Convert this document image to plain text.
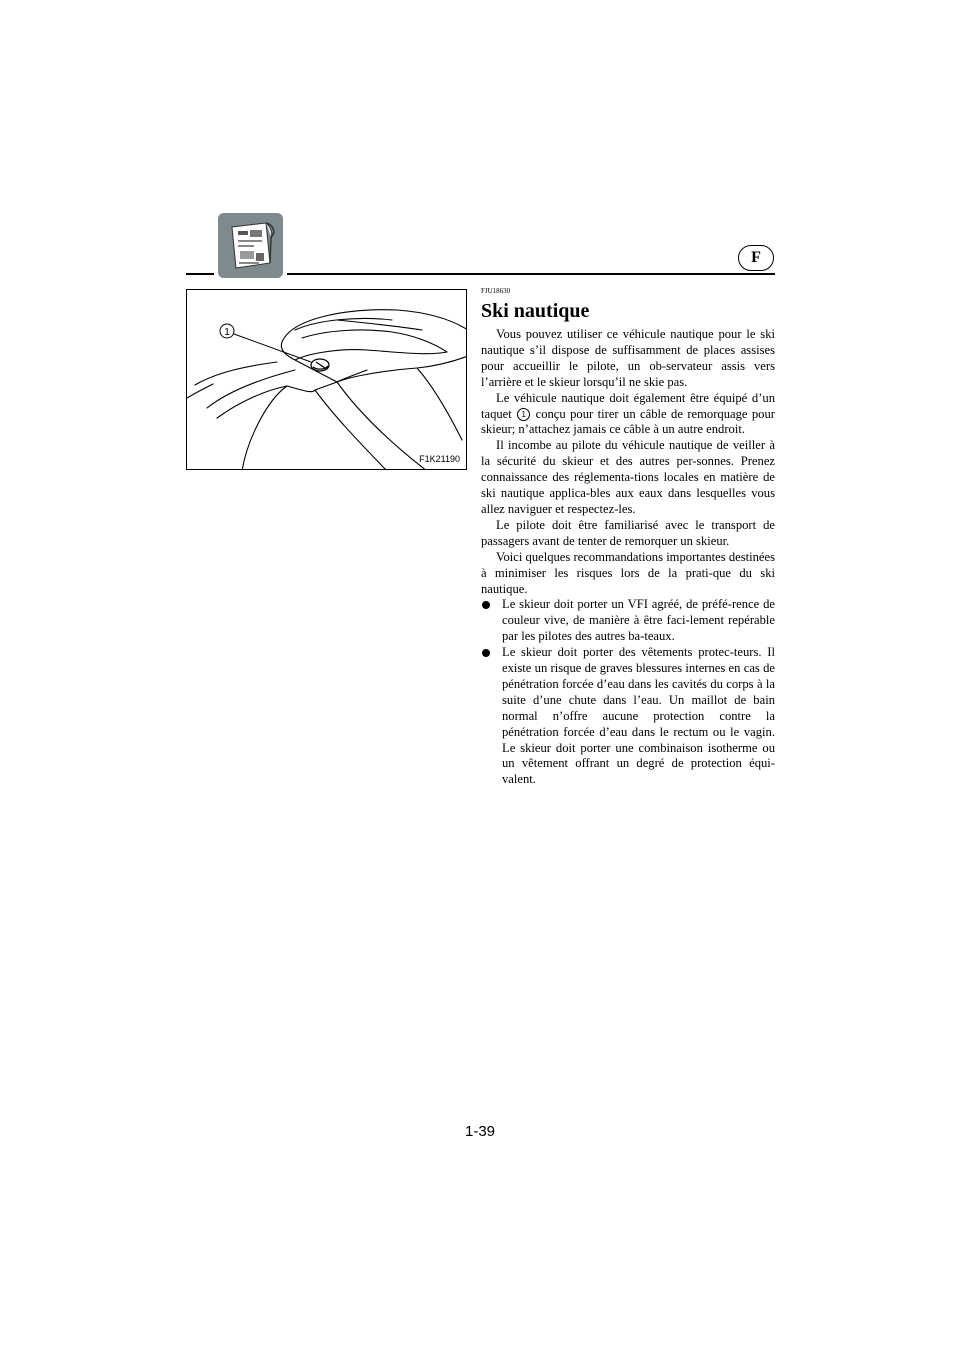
F
1
F1K21190

FJU18630

Ski nautique

Vous pouvez utiliser ce véhicule nautique pour le ski nautique s’il dispose de suffisamment de places assises pour accueillir le pilote, un ob-servateur assis vers l’arrière et le skieur lorsqu’il ne skie pas.

Le véhicule nautique doit également être équipé d’un taquet 1 conçu pour tirer un câble de remorquage pour skieur; n’attachez jamais ce câble à un autre endroit.

Il incombe au pilote du véhicule nautique de veiller à la sécurité du skieur et des autres per-sonnes. Prenez connaissance des réglementa-tions locales en matière de ski nautique applica-bles aux eaux dans lesquelles vous allez naviguer et respectez-les.

Le pilote doit être familiarisé avec le transport de passagers avant de tenter de remorquer un skieur.

Voici quelques recommandations importantes destinées à minimiser les risques lors de la prati-que du ski nautique.

Le skieur doit porter un VFI agréé, de préfé-rence de couleur vive, de manière à être faci-lement repérable par les pilotes des autres ba-teaux.
Le skieur doit porter des vêtements protec-teurs. Il existe un risque de graves blessures internes en cas de pénétration forcée d’eau dans les cavités du corps à la suite d’une chute dans l’eau. Un maillot de bain normal n’offre aucune protection contre la pénétration forcée d’eau dans le rectum ou le vagin. Le skieur doit porter une combinaison isotherme ou un vêtement offrant un degré de protection équi-valent.
1-39
